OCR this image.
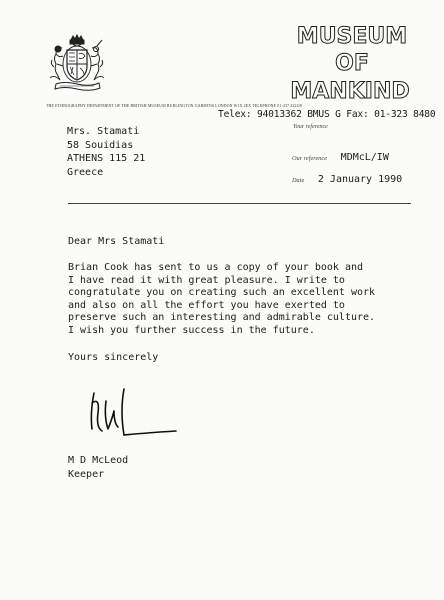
MUSEUM
OF
MANKIND
THE ETHNOGRAPHY DEPARTMENT OF THE BRITISH MUSEUM BURLINGTON GARDENS LONDON W1X 2EX TELEPHONE 01-437 2224/8
Telex: 94013362 BMUS G Fax: 01-323 8480
Your reference
Mrs. Stamati
58 Souidias
ATHENS 115 21
Greece
Our reference MDMcL/IW
Date 2 January 1990
Dear Mrs Stamati
Brian Cook has sent to us a copy of your book and
I have read it with great pleasure. I write to
congratulate you on creating such an excellent work
and also on all the effort you have exerted to
preserve such an interesting and admirable culture.
I wish you further success in the future.
Yours sincerely
M D McLeod
Keeper
